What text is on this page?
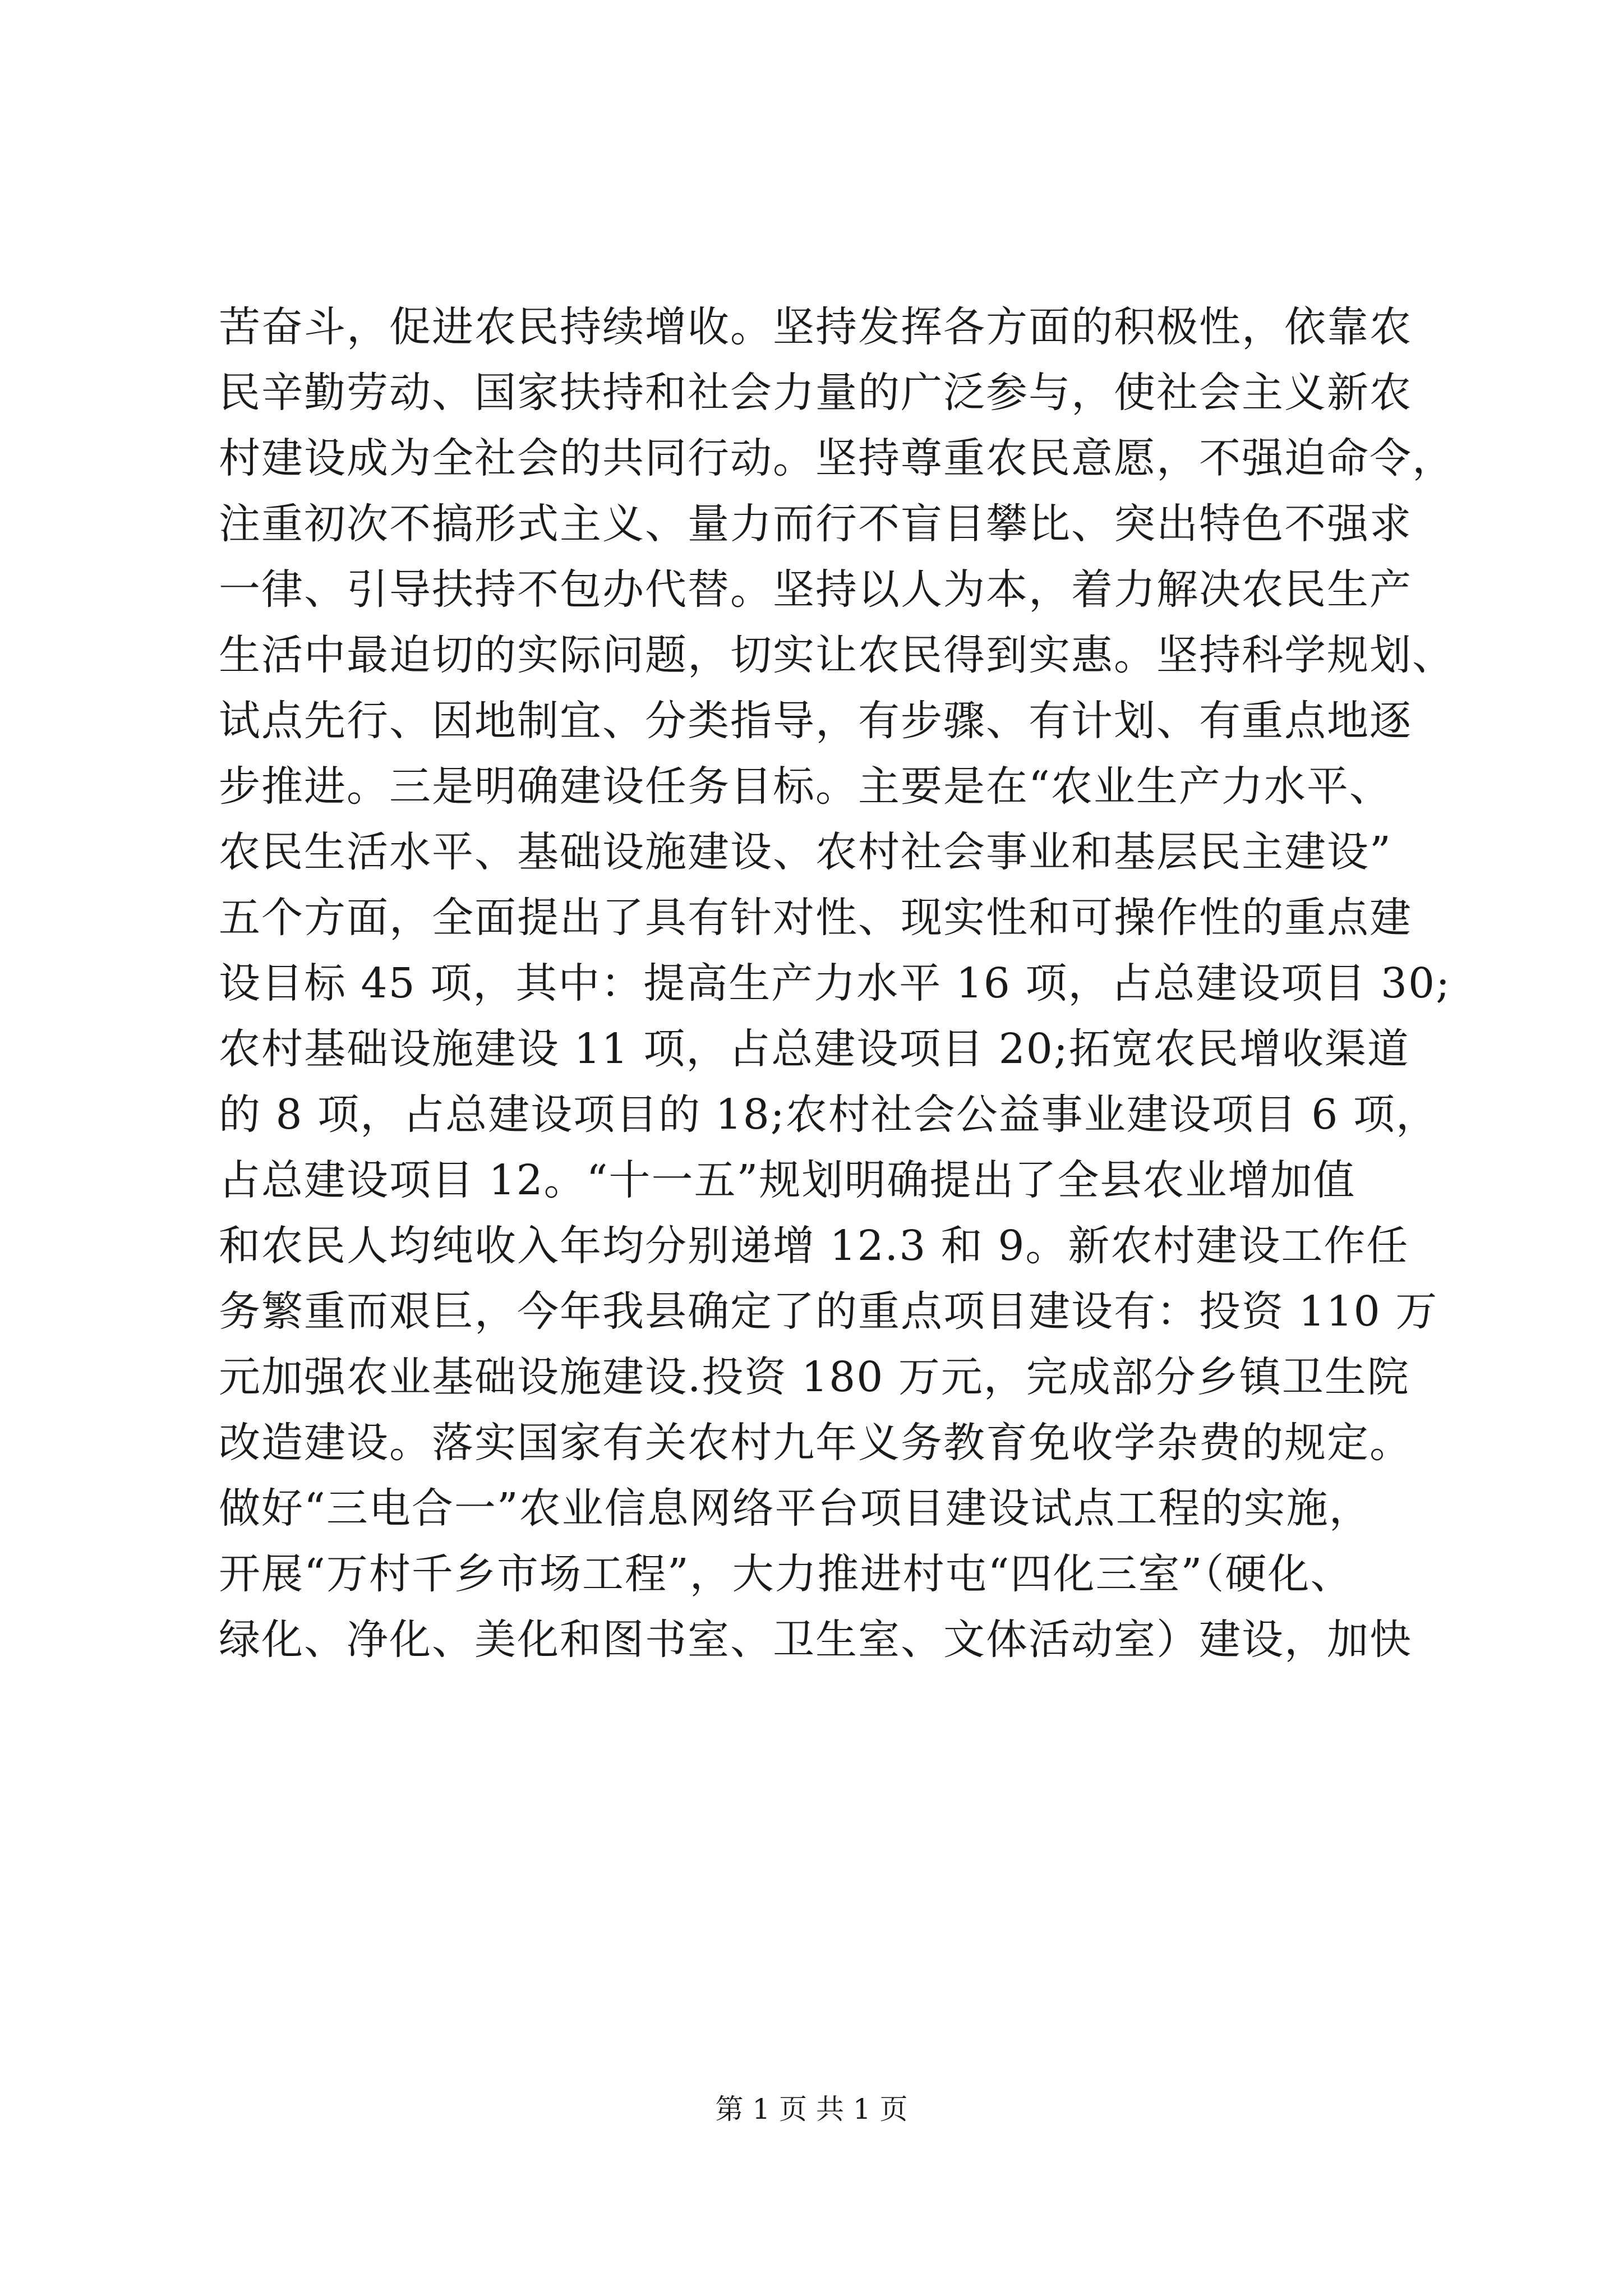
苦奋斗，促进农民持续增收。坚持发挥各方面的积极性，依靠农
民辛勤劳动、国家扶持和社会力量的广泛参与，使社会主义新农
村建设成为全社会的共同行动。坚持尊重农民意愿，不强迫命令，
注重初次不搞形式主义、量力而行不盲目攀比、突出特色不强求
一律、引导扶持不包办代替。坚持以人为本，着力解决农民生产
生活中最迫切的实际问题，切实让农民得到实惠。坚持科学规划、
试点先行、因地制宜、分类指导，有步骤、有计划、有重点地逐
步推进。三是明确建设任务目标。主要是在“农业生产力水平、
农民生活水平、基础设施建设、农村社会事业和基层民主建设”
五个方面，全面提出了具有针对性、现实性和可操作性的重点建
设目标 45 项，其中：提高生产力水平 16 项，占总建设项目 30;
农村基础设施建设 11 项，占总建设项目 20;拓宽农民增收渠道
的 8 项，占总建设项目的 18;农村社会公益事业建设项目 6 项，
占总建设项目 12。“十一五”规划明确提出了全县农业增加值
和农民人均纯收入年均分别递增 12.3 和 9。新农村建设工作任
务繁重而艰巨，今年我县确定了的重点项目建设有：投资 110 万
元加强农业基础设施建设.投资 180 万元，完成部分乡镇卫生院
改造建设。落实国家有关农村九年义务教育免收学杂费的规定。
做好“三电合一”农业信息网络平台项目建设试点工程的实施，
开展“万村千乡市场工程”，大力推进村屯“四化三室”（硬化、
绿化、净化、美化和图书室、卫生室、文体活动室）建设，加快
第 1 页 共 1 页
